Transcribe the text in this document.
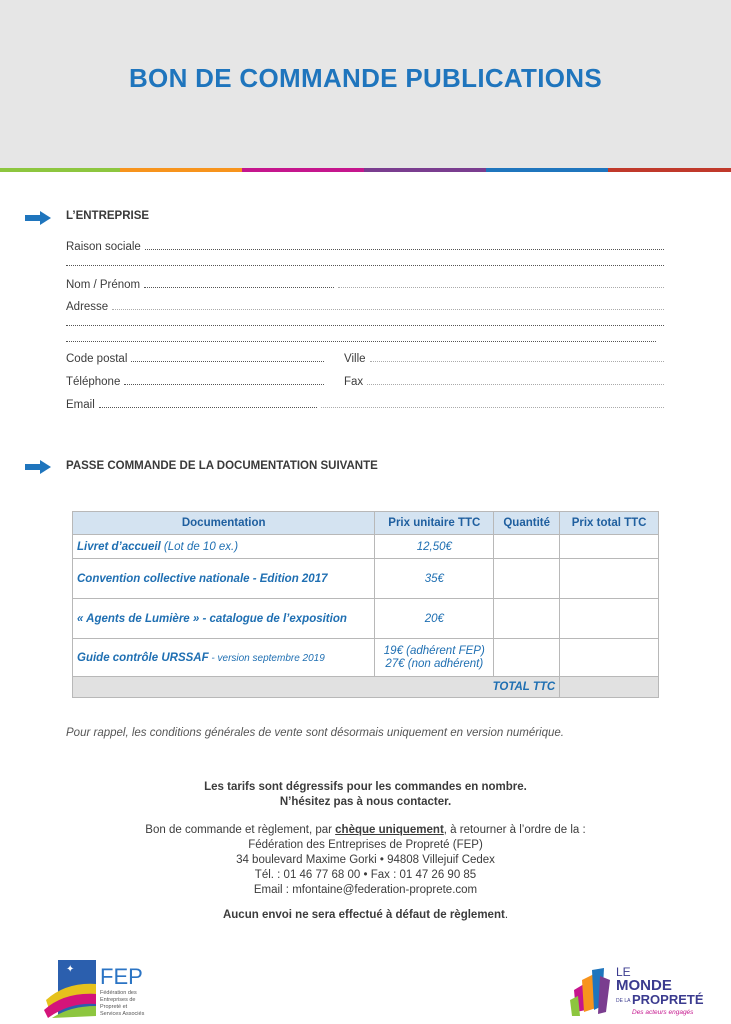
BON DE COMMANDE PUBLICATIONS
L’ENTREPRISE
Raison sociale
Nom / Prénom
Adresse
Code postal	Ville
Téléphone	Fax
Email
PASSE COMMANDE DE LA DOCUMENTATION SUIVANTE
Documentation	Prix unitaire TTC	Quantité	Prix total TTC
Livret d’accueil (Lot de 10 ex.)	12,50€		
Convention collective nationale - Edition 2017	35€		
« Agents de Lumière » - catalogue de l’exposition	20€		
Guide contrôle URSSAF - version septembre 2019	19€ (adhérent FEP)
27€ (non adhérent)		
TOTAL TTC			
Pour rappel, les conditions générales de vente sont désormais uniquement en version numérique.
Les tarifs sont dégressifs pour les commandes en nombre.
N’hésitez pas à nous contacter.
Bon de commande et règlement, par chèque uniquement, à retourner à l’ordre de la :
Fédération des Entreprises de Propreté (FEP)
34 boulevard Maxime Gorki • 94808 Villejuif Cedex
Tél. : 01 46 77 68 00 • Fax : 01 47 26 90 85
Email : mfontaine@federation-proprete.com
Aucun envoi ne sera effectué à défaut de règlement.
✦ FEP
Fédération des
Entreprises de
Propreté et
Services Associés
LE
MONDE
DE LA PROPRETÉ
Des acteurs engagés
